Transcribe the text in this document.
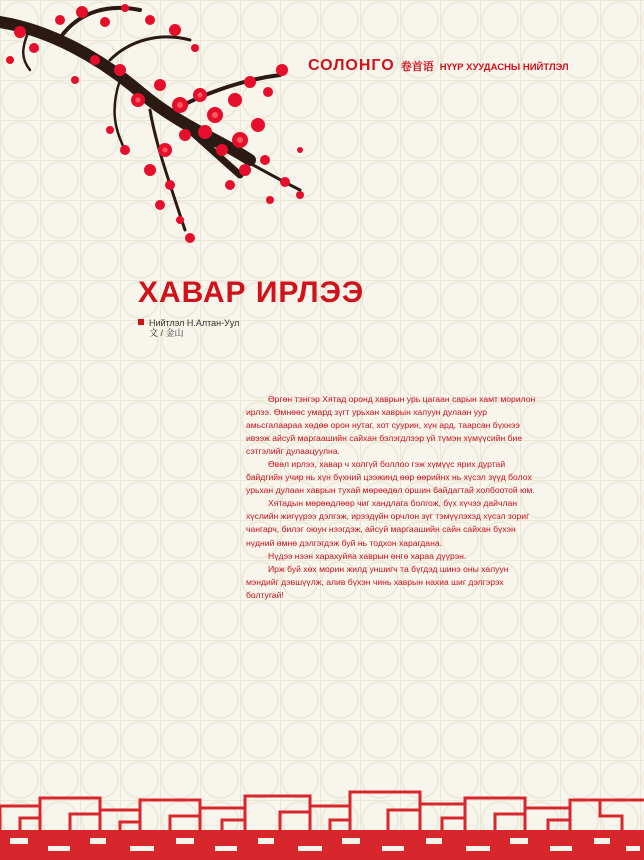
СОЛОНГО 卷首语 НҮҮР ХУУДАСНЫ НИЙТЛЭЛ
ХАВАР ИРЛЭЭ
Нийтлэл Н.Алтан-Уул
文 / 金山

Өргөн тэнгэр Хятад оронд хаврын урь цагаан сарын хамт морилон ирлээ. Өмнөөс умард зүгт урьхан хаврын халуун дулаан уур амьсгалаараа хөдөө орон нутаг, хот суурин, хүн ард, таарсан бүхнээ ивээж айсуй маргаашийн сайхан бэлэгдлээр үй түмэн хүмүүсийн бие сэтгэлийг дулаацуулна.

Өвөл ирлээ, хавар ч холгүй боллоо гэж хүмүүс ярих дуртай байдгийн учир нь хүн бүхний цээжинд өөр өөрийнх нь хүсэл зүүд болох урьхан дулаан хаврын тухай мөрөөдөл оршин байдагтай холбоотой юм.

Хятадын мөрөөдлөөр чиг хандлага болгож, бүх хүчээ дайчлан хүслийн жигүүрээ дэлгэж, ирээдүйн орчлон зүг тэмүүлэхэд хүсэл зориг чангарч, билэг оюун нээгдэж, айсуй маргаашийн сайн сайхан бүхэн нүдний өмнө дэлгэгдэж буй нь тодхон харагдана.

Нүдээ нээн харахуйяа хаврын өнгө хараа дүүрэн.

Ирж буй хөх морин жилд уншигч та бүгдэд шинэ оны халуун мэндийг дэвшүүлж, алив бүхэн чинь хаврын нахиа шиг дэлгэрэх болтугай!
